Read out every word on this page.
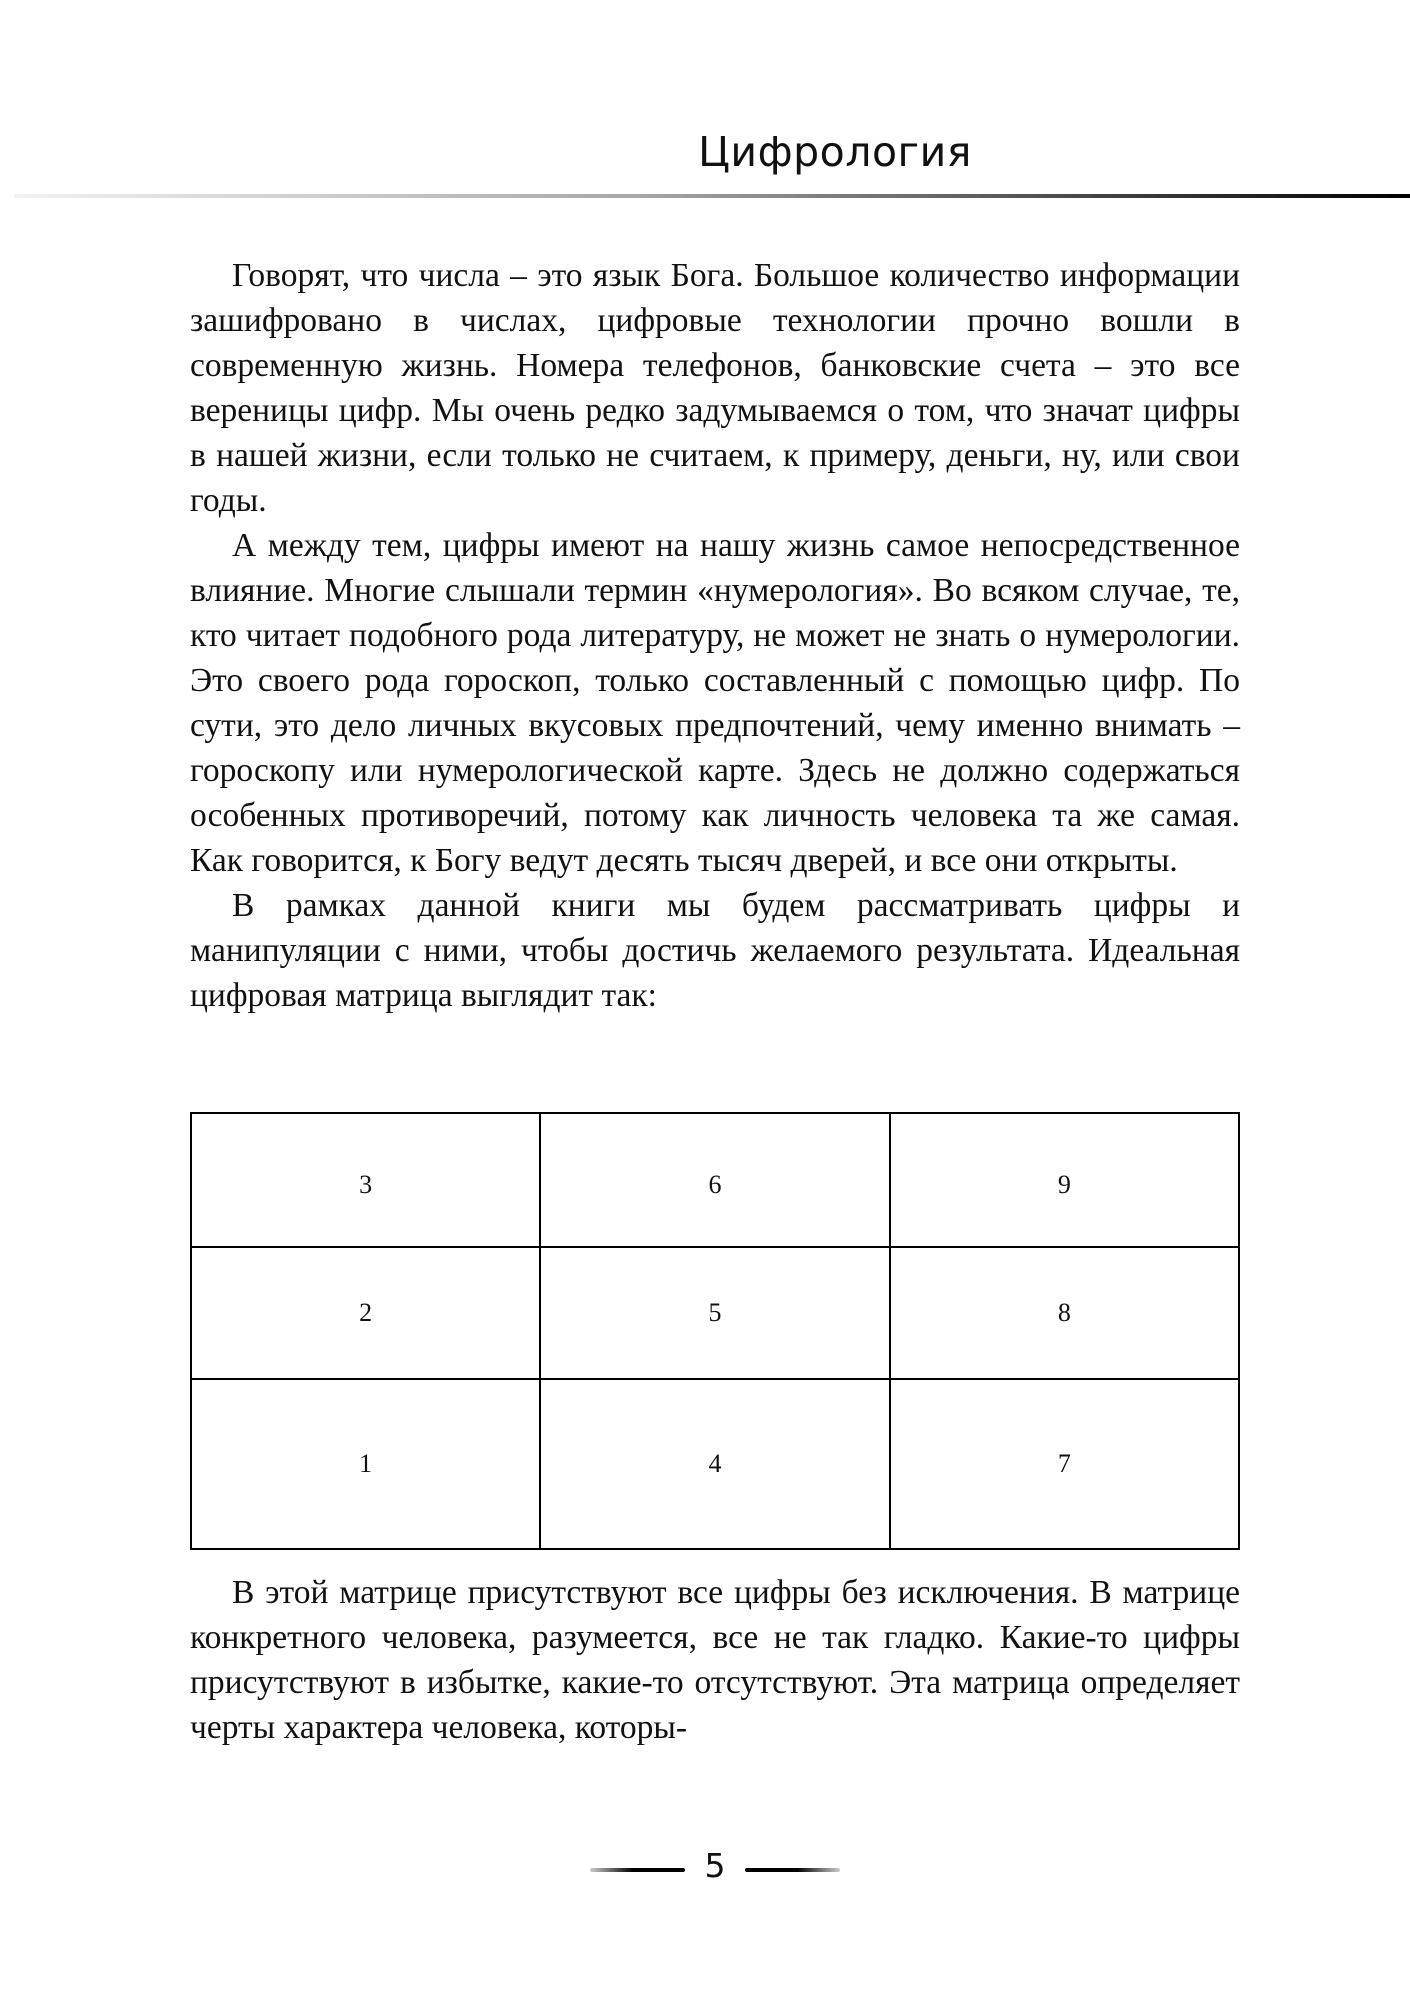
Цифрология

Говорят, что числа – это язык Бога. Большое количество информации зашифровано в числах, цифровые технологии прочно вошли в современную жизнь. Номера телефонов, банковские счета – это все вереницы цифр. Мы очень редко задумываемся о том, что значат цифры в нашей жизни, если только не считаем, к примеру, деньги, ну, или свои годы.

А между тем, цифры имеют на нашу жизнь самое непосредственное влияние. Многие слышали термин «нумерология». Во всяком случае, те, кто читает подобного рода литературу, не может не знать о нумерологии. Это своего рода гороскоп, только составленный с помощью цифр. По сути, это дело личных вкусовых предпочтений, чему именно внимать – гороскопу или нумерологической карте. Здесь не должно содержаться особенных противоречий, потому как личность человека та же самая. Как говорится, к Богу ведут десять тысяч дверей, и все они открыты.

В рамках данной книги мы будем рассматривать цифры и манипуляции с ними, чтобы достичь желаемого результата. Идеальная цифровая матрица выглядит так:

3	6	9
2	5	8
1	4	7

В этой матрице присутствуют все цифры без исключения. В матрице конкретного человека, разумеется, все не так гладко. Какие-то цифры присутствуют в избытке, какие-то отсутствуют. Эта матрица определяет черты характера человека, которы-

5
